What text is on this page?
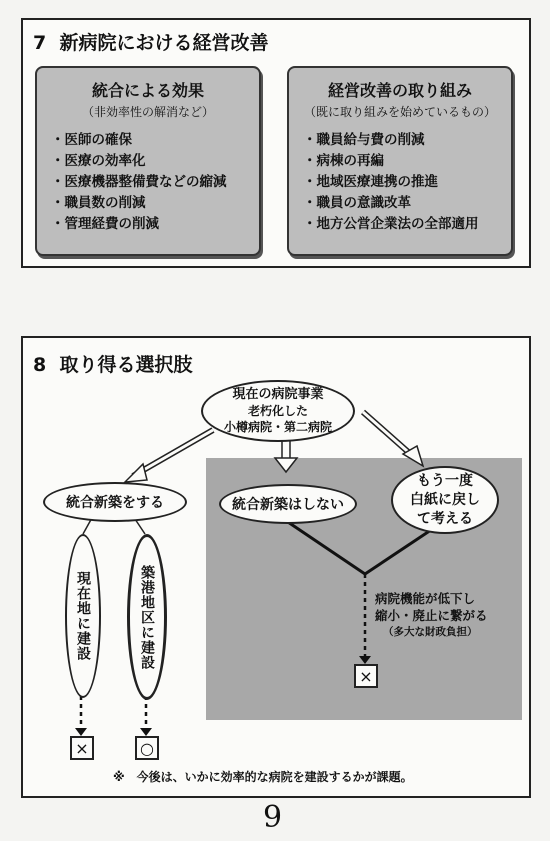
7 新病院における経営改善
統合による効果
（非効率性の解消など）
・医師の確保
・医療の効率化
・医療機器整備費などの縮減
・職員数の削減
・管理経費の削減
経営改善の取り組み
（既に取り組みを始めているもの）
・職員給与費の削減
・病棟の再編
・地域医療連携の推進
・職員の意識改革
・地方公営企業法の全部適用
8 取り得る選択肢
現在の病院事業
老朽化した
小樽病院・第二病院
統合新築をする	統合新築はしない
もう一度
白紙に戻し
て考える
現在地に建設	築港地区に建設	病院機能が低下し
縮小・廃止に繋がる
（多大な財政負担）
×
×	○
※　今後は、いかに効率的な病院を建設するかが課題。
9
